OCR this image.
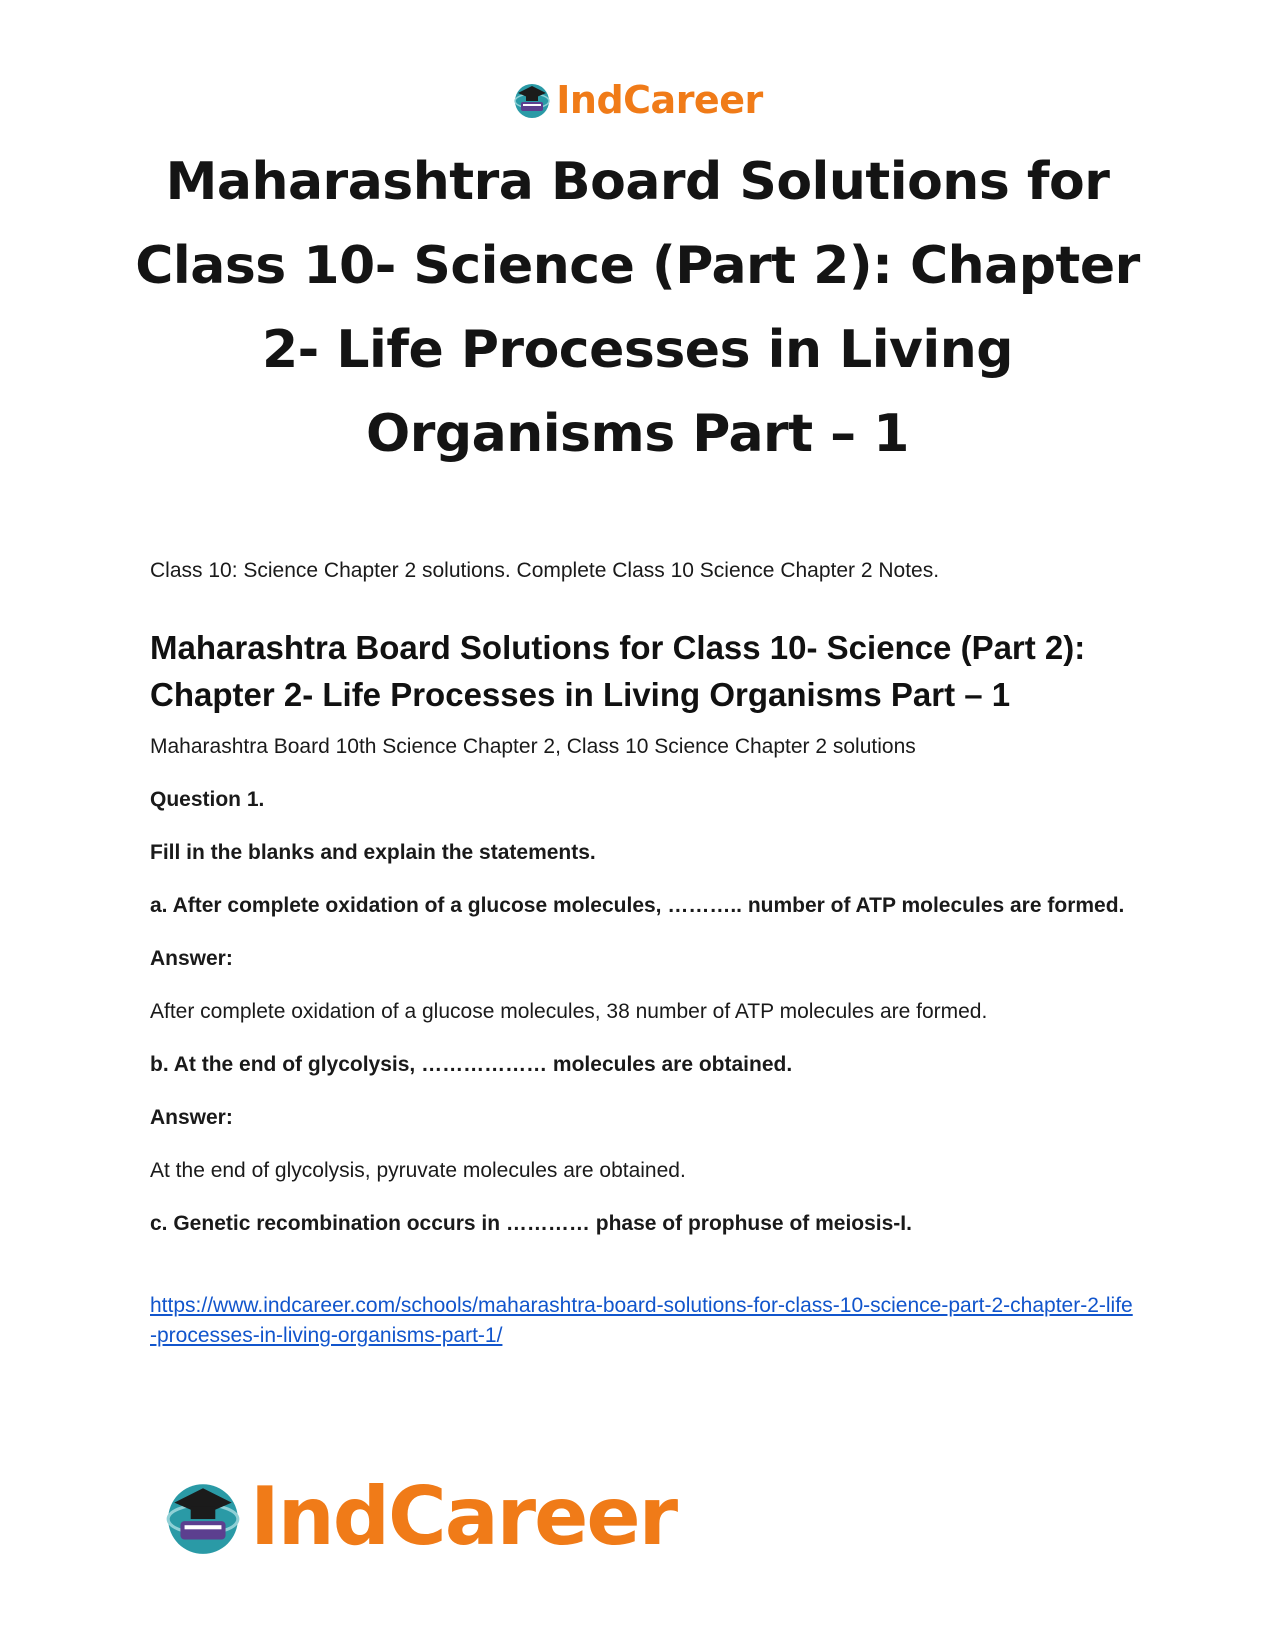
IndCareer
Maharashtra Board Solutions for Class 10- Science (Part 2): Chapter 2- Life Processes in Living Organisms Part – 1

Class 10: Science Chapter 2 solutions. Complete Class 10 Science Chapter 2 Notes.

Maharashtra Board Solutions for Class 10- Science (Part 2): Chapter 2- Life Processes in Living Organisms Part – 1

Maharashtra Board 10th Science Chapter 2, Class 10 Science Chapter 2 solutions

Question 1.

Fill in the blanks and explain the statements.

a. After complete oxidation of a glucose molecules, ……….. number of ATP molecules are formed.

Answer:

After complete oxidation of a glucose molecules, 38 number of ATP molecules are formed.

b. At the end of glycolysis, ……………… molecules are obtained.

Answer:

At the end of glycolysis, pyruvate molecules are obtained.

c. Genetic recombination occurs in ………… phase of prophuse of meiosis-I.

https://www.indcareer.com/schools/maharashtra-board-solutions-for-class-10-science-part-2-chapter-2-life-processes-in-living-organisms-part-1/

IndCareer
